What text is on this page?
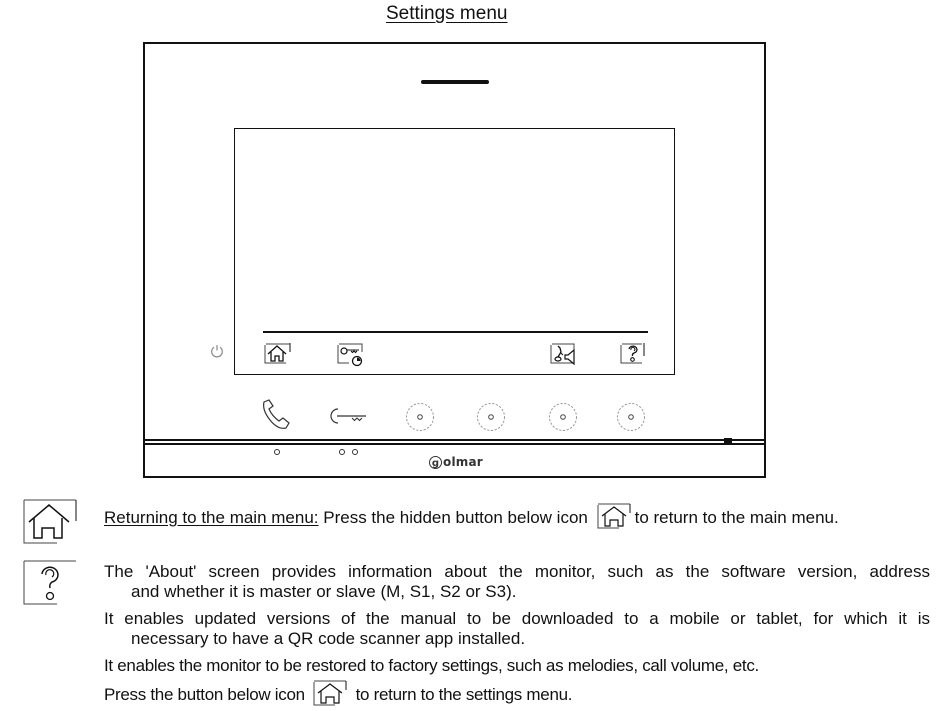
Settings menu
g olmar
Returning to the main menu: Press the hidden button below icon	to return to the main menu.
The 'About' screen provides information about the monitor, such as the software version, address
and whether it is master or slave (M, S1, S2 or S3).
It enables updated versions of the manual to be downloaded to a mobile or tablet, for which it is
necessary to have a QR code scanner app installed.
It enables the monitor to be restored to factory settings, such as melodies, call volume, etc.
Press the button below icon	to return to the settings menu.
